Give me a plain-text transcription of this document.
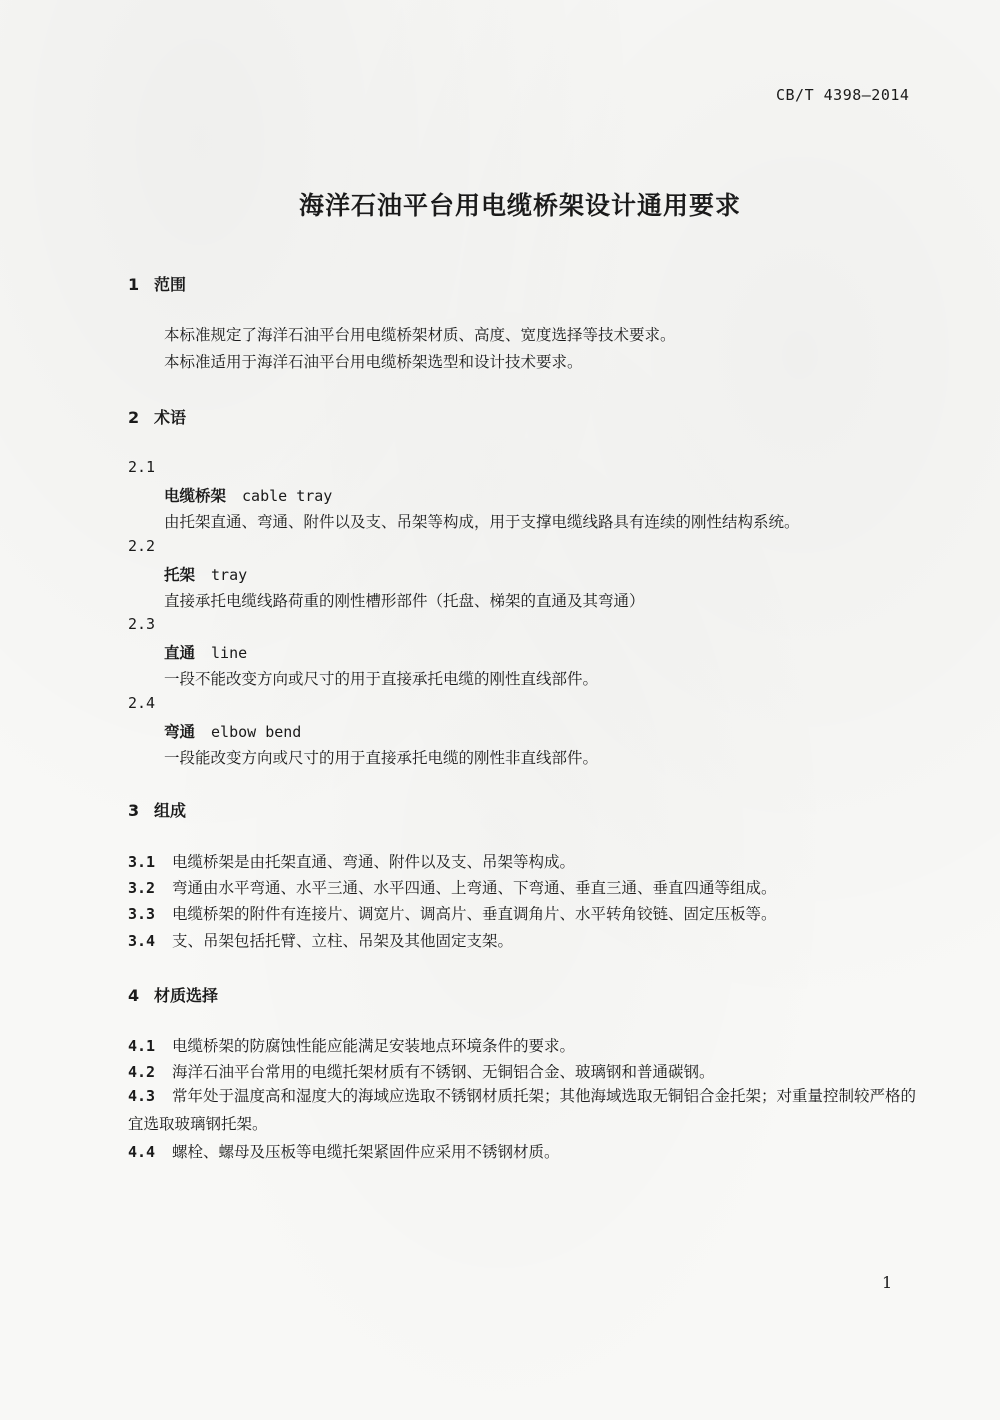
CB/T 4398—2014
海洋石油平台用电缆桥架设计通用要求
1 范围
本标准规定了海洋石油平台用电缆桥架材质、高度、宽度选择等技术要求。
本标准适用于海洋石油平台用电缆桥架选型和设计技术要求。
2 术语
2.1
电缆桥架 cable tray
由托架直通、弯通、附件以及支、吊架等构成，用于支撑电缆线路具有连续的刚性结构系统。
2.2
托架 tray
直接承托电缆线路荷重的刚性槽形部件（托盘、梯架的直通及其弯通）
2.3
直通 line
一段不能改变方向或尺寸的用于直接承托电缆的刚性直线部件。
2.4
弯通 elbow bend
一段能改变方向或尺寸的用于直接承托电缆的刚性非直线部件。
3 组成
3.1 电缆桥架是由托架直通、弯通、附件以及支、吊架等构成。
3.2 弯通由水平弯通、水平三通、水平四通、上弯通、下弯通、垂直三通、垂直四通等组成。
3.3 电缆桥架的附件有连接片、调宽片、调高片、垂直调角片、水平转角铰链、固定压板等。
3.4 支、吊架包括托臂、立柱、吊架及其他固定支架。
4 材质选择
4.1 电缆桥架的防腐蚀性能应能满足安装地点环境条件的要求。
4.2 海洋石油平台常用的电缆托架材质有不锈钢、无铜铝合金、玻璃钢和普通碳钢。
4.3 常年处于温度高和湿度大的海域应选取不锈钢材质托架；其他海域选取无铜铝合金托架；对重量控制较严格的宜选取玻璃钢托架。
4.4 螺栓、螺母及压板等电缆托架紧固件应采用不锈钢材质。
1
